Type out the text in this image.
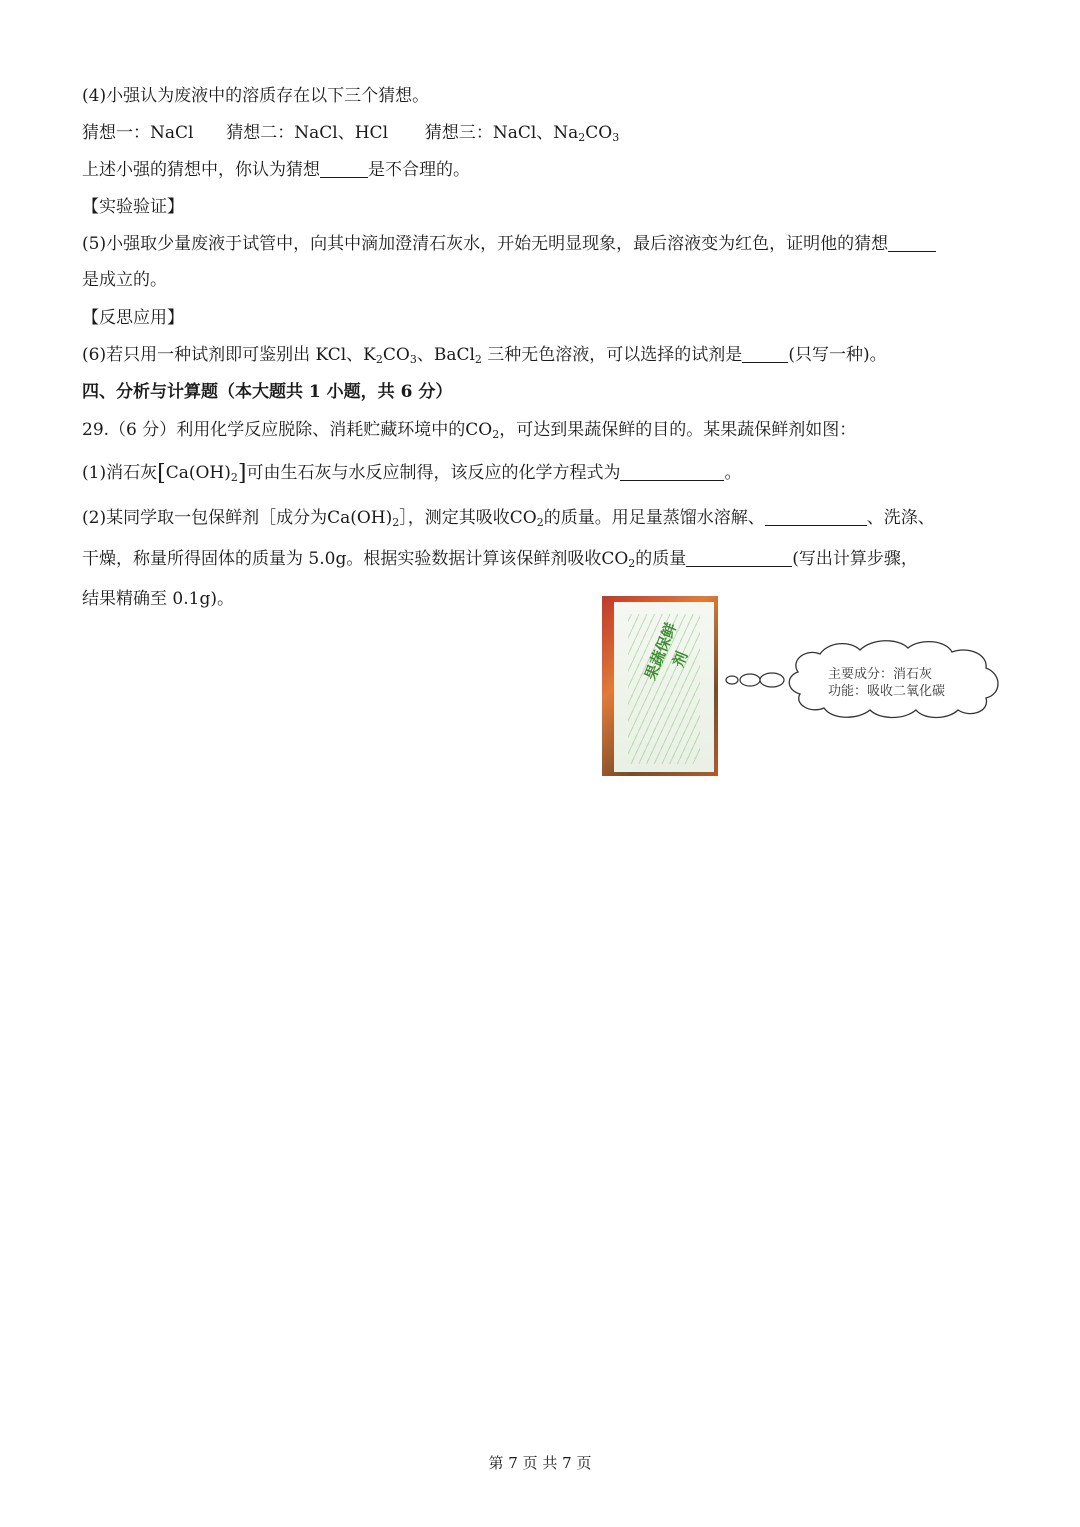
(4)小强认为废液中的溶质存在以下三个猜想。
猜想一：NaCl 猜想二：NaCl、HCl 猜想三：NaCl、$Na_2CO_3$
上述小强的猜想中，你认为猜想	是不合理的。
【实验验证】
(5)小强取少量废液于试管中，向其中滴加澄清石灰水，开始无明显现象，最后溶液变为红色，证明他的猜想
是成立的。
【反思应用】
(6)若只用一种试剂即可鉴别出 KCl、$K_2CO_3$、BaCl$_2$ 三种无色溶液，可以选择的试剂是	(只写一种)。
四、分析与计算题（本大题共 1 小题，共 6 分）
29.（6 分）利用化学反应脱除、消耗贮藏环境中的$CO_2$，可达到果蔬保鲜的目的。某果蔬保鲜剂如图：
(1)消石灰$[Ca(OH)_2]$可由生石灰与水反应制得，该反应的化学方程式为	。
(2)某同学取一包保鲜剂［成分为$Ca(OH)_2]$，测定其吸收$CO_2$的质量。用足量蒸馏水溶解、	、洗涤、
干燥，称量所得固体的质量为 5.0g。根据实验数据计算该保鲜剂吸收$CO_2$的质量	(写出计算步骤，
结果精确至 0.1g)。
果蔬保鲜剂
主要成分：消石灰
功能：吸收二氧化碳
第 7 页 共 7 页
